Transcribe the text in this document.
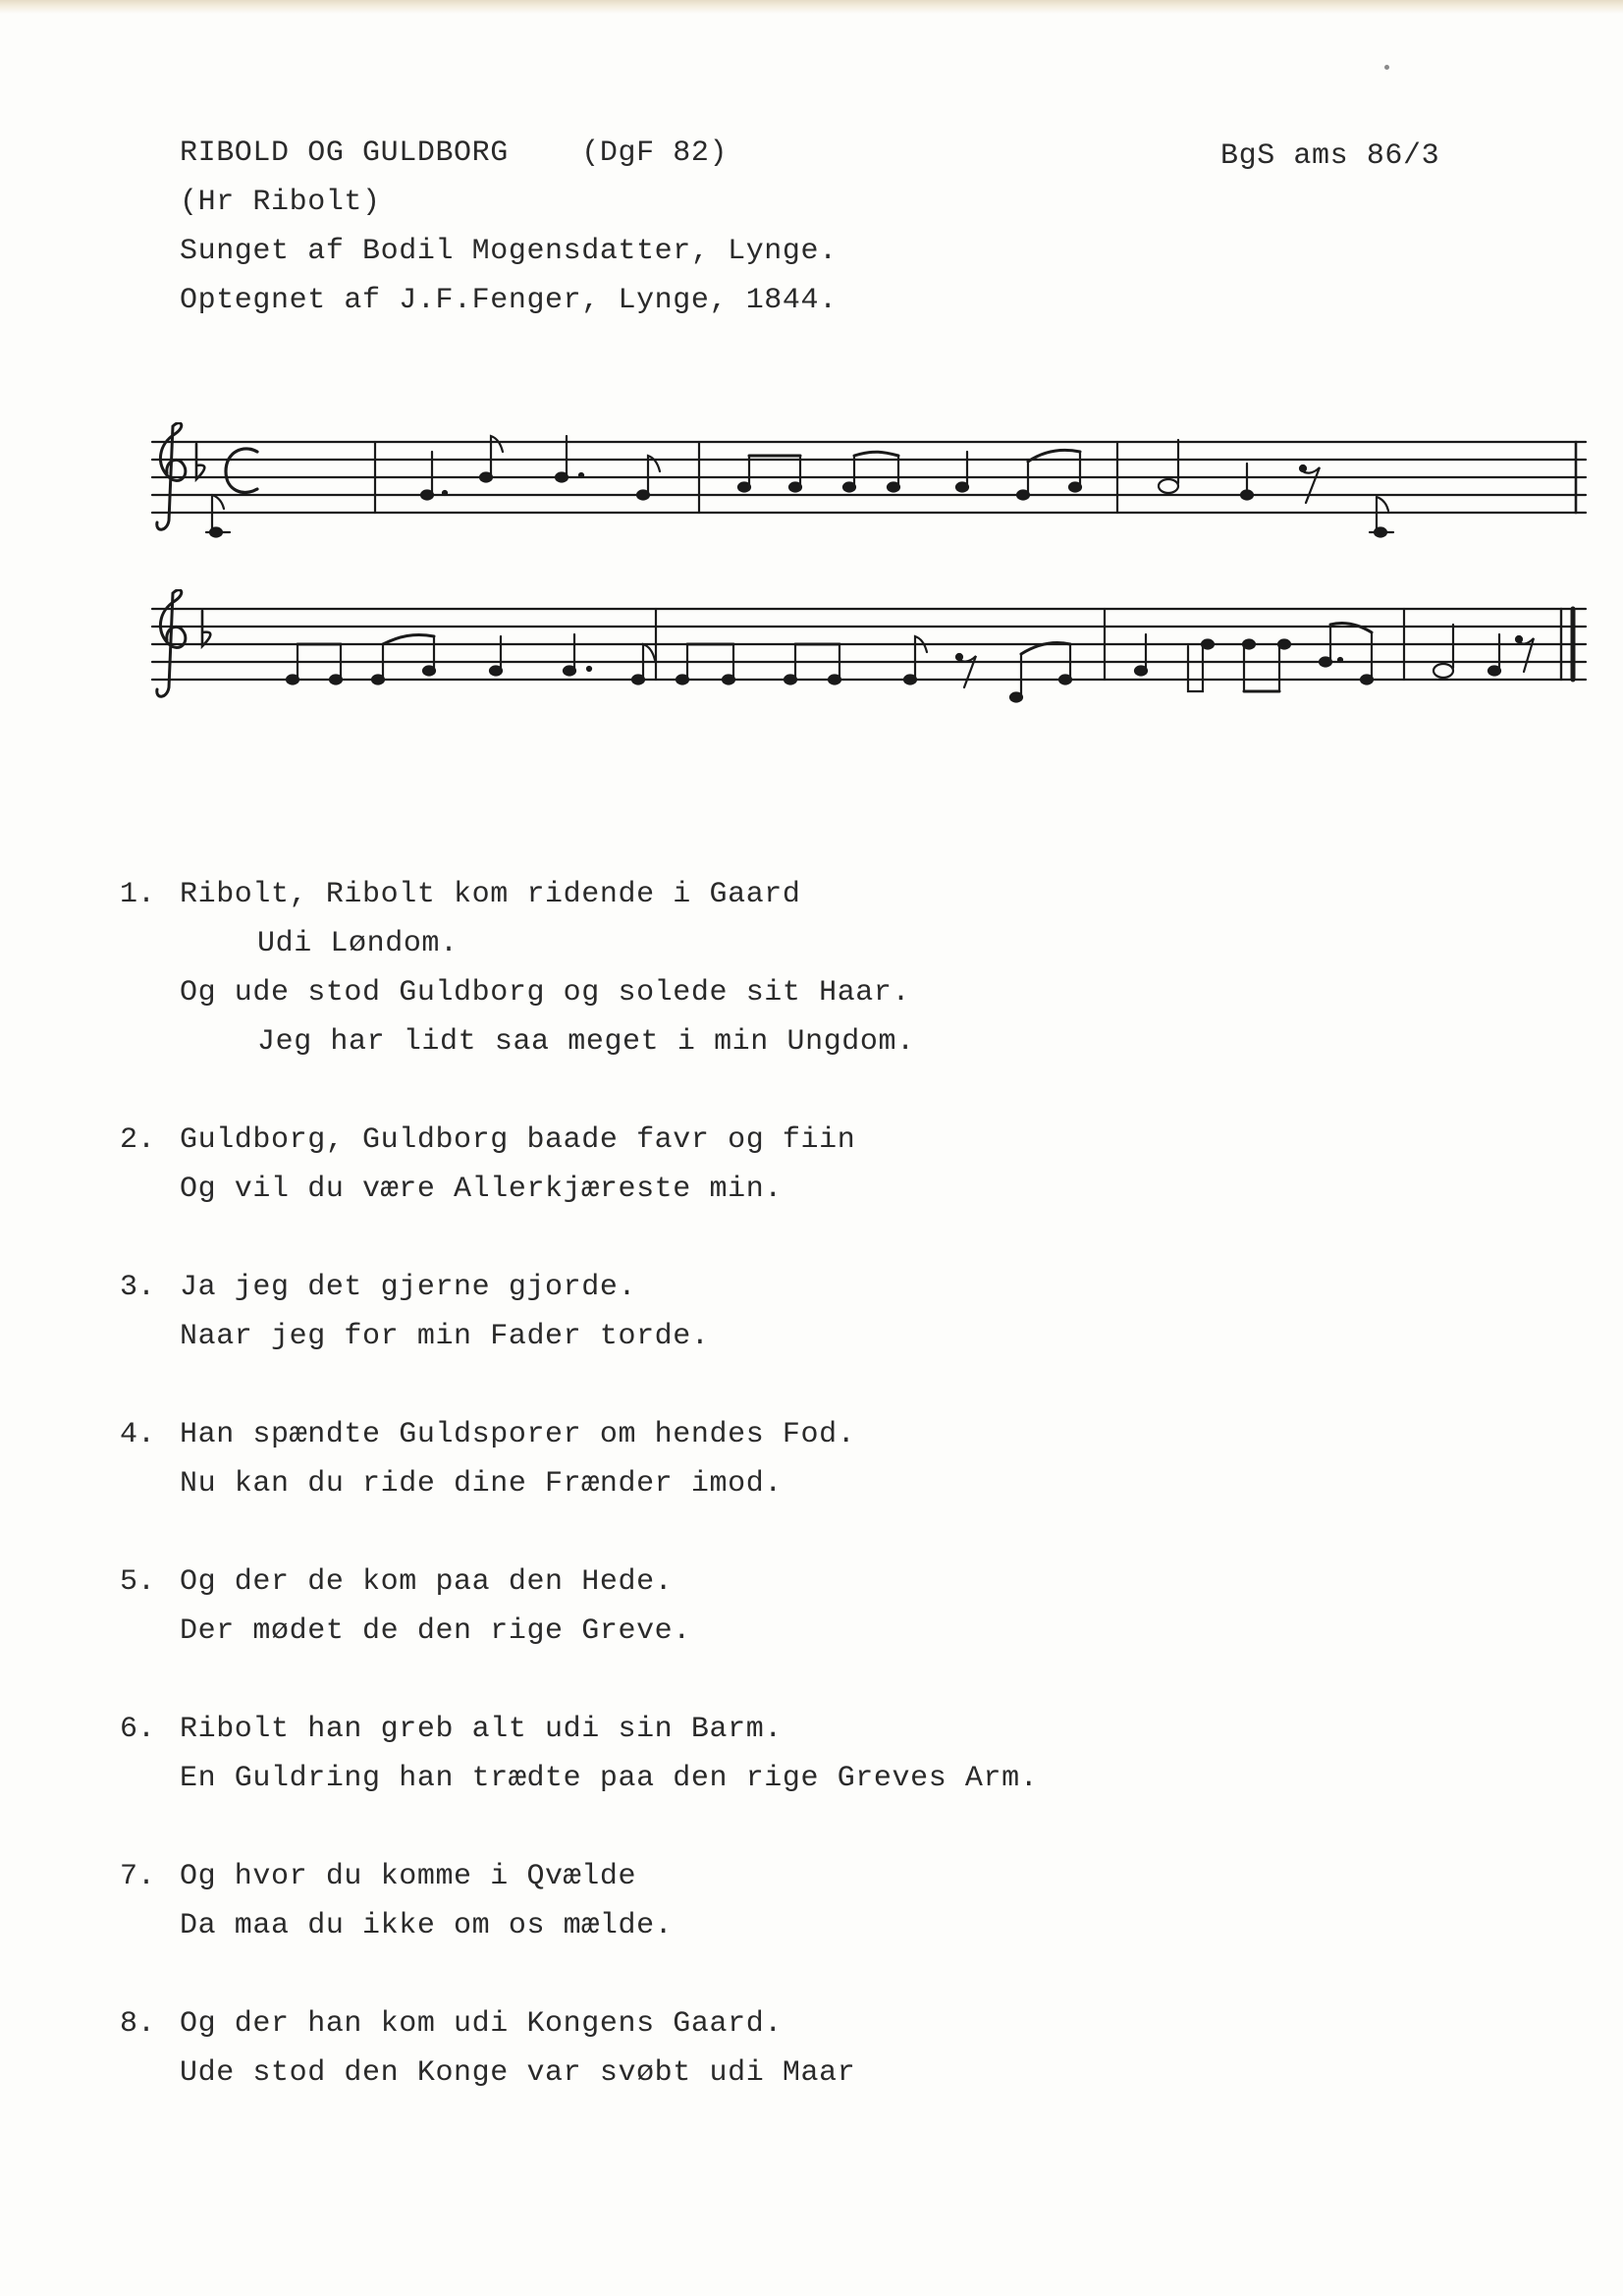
RIBOLD OG GULDBORG    (DgF 82)
(Hr Ribolt)
Sunget af Bodil Mogensdatter, Lynge.
Optegnet af J.F.Fenger, Lynge, 1844.
BgS ams 86/3
1. Ribolt, Ribolt kom ridende i Gaard
Udi Løndom.
Og ude stod Guldborg og solede sit Haar.
Jeg har lidt saa meget i min Ungdom.
2. Guldborg, Guldborg baade favr og fiin
Og vil du være Allerkjæreste min.
3. Ja jeg det gjerne gjorde.
Naar jeg for min Fader torde.
4. Han spændte Guldsporer om hendes Fod.
Nu kan du ride dine Frænder imod.
5. Og der de kom paa den Hede.
Der mødet de den rige Greve.
6. Ribolt han greb alt udi sin Barm.
En Guldring han trædte paa den rige Greves Arm.
7. Og hvor du komme i Qvælde
Da maa du ikke om os mælde.
8. Og der han kom udi Kongens Gaard.
Ude stod den Konge var svøbt udi Maar
